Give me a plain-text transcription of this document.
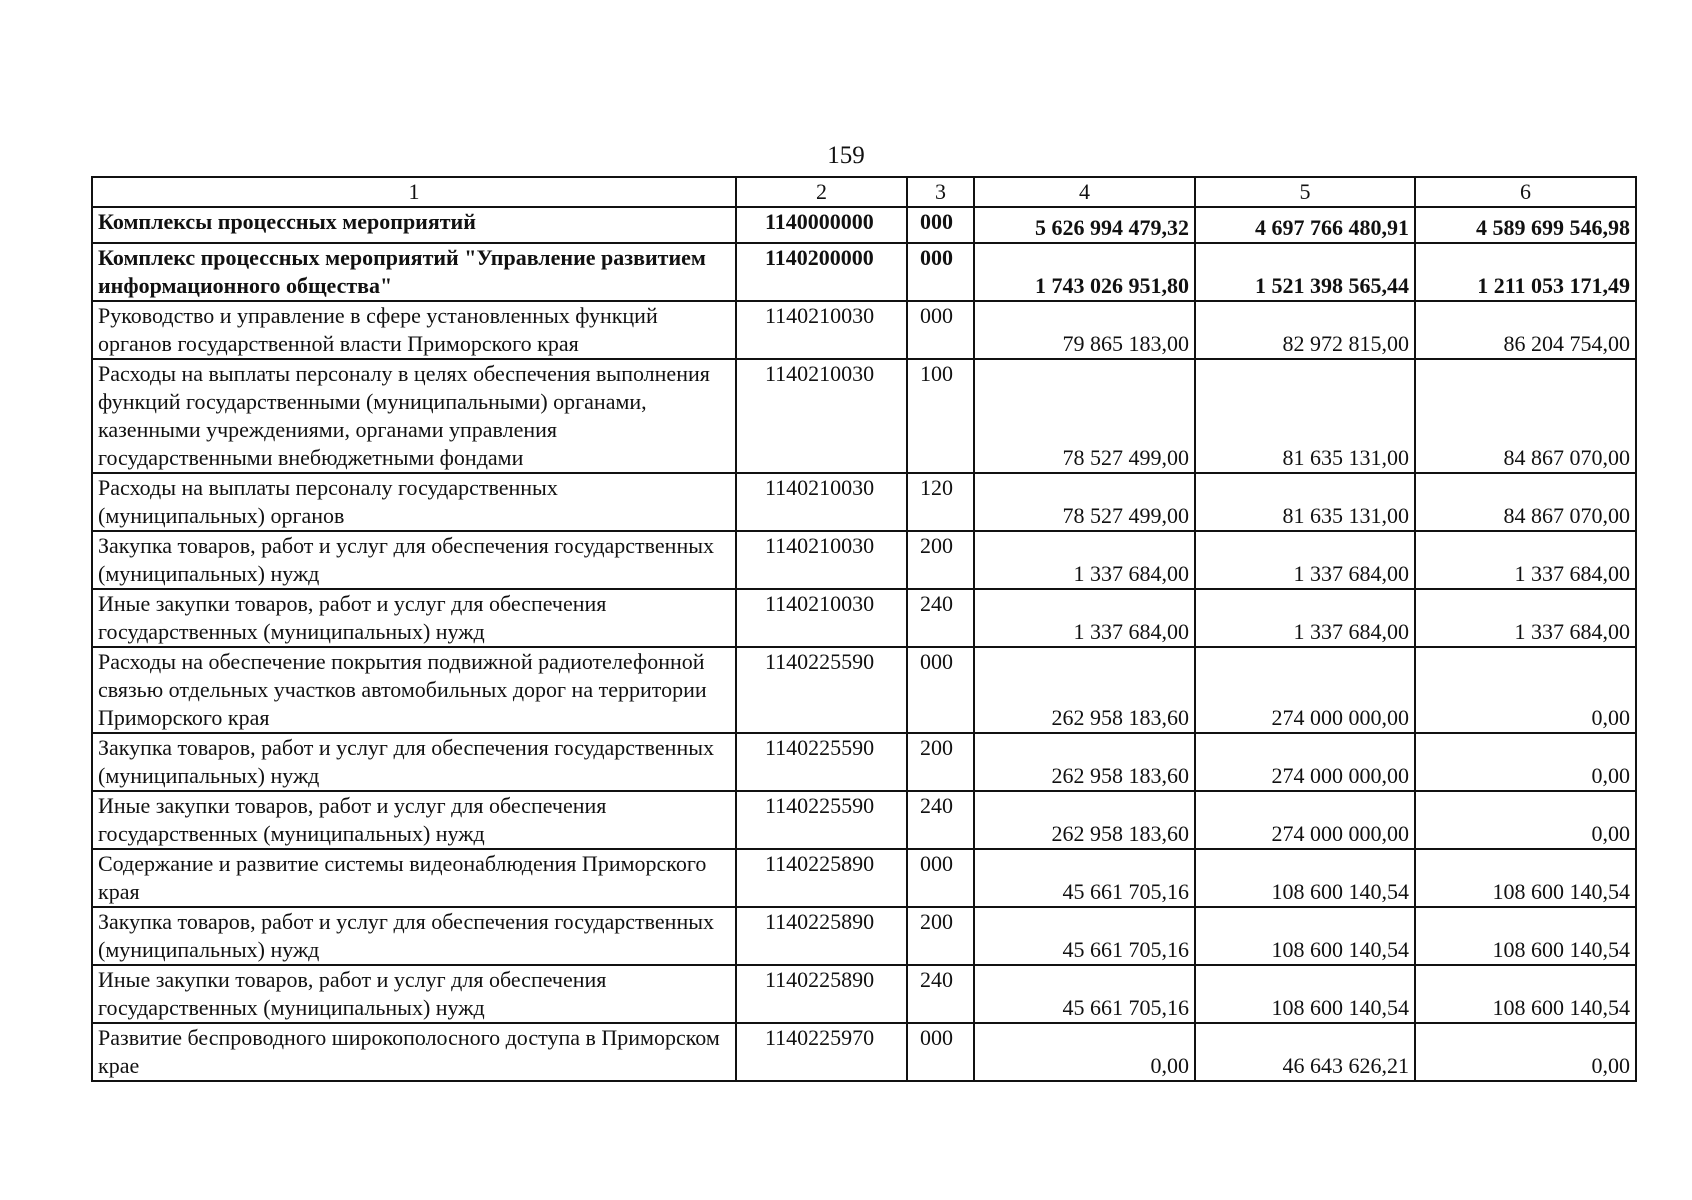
159
1	2	3	4	5	6
Комплексы процессных мероприятий	1140000000	000	5 626 994 479,32	4 697 766 480,91	4 589 699 546,98
Комплекс процессных мероприятий "Управление развитием информационного общества"	1140200000	000	1 743 026 951,80	1 521 398 565,44	1 211 053 171,49
Руководство и управление в сфере установленных функций органов государственной власти Приморского края	1140210030	000	79 865 183,00	82 972 815,00	86 204 754,00
Расходы на выплаты персоналу в целях обеспечения выполнения функций государственными (муниципальными) органами, казенными учреждениями, органами управления государственными внебюджетными фондами	1140210030	100	78 527 499,00	81 635 131,00	84 867 070,00
Расходы на выплаты персоналу государственных (муниципальных) органов	1140210030	120	78 527 499,00	81 635 131,00	84 867 070,00
Закупка товаров, работ и услуг для обеспечения государственных (муниципальных) нужд	1140210030	200	1 337 684,00	1 337 684,00	1 337 684,00
Иные закупки товаров, работ и услуг для обеспечения государственных (муниципальных) нужд	1140210030	240	1 337 684,00	1 337 684,00	1 337 684,00
Расходы на обеспечение покрытия подвижной радиотелефонной связью отдельных участков автомобильных дорог на территории Приморского края	1140225590	000	262 958 183,60	274 000 000,00	0,00
Закупка товаров, работ и услуг для обеспечения государственных (муниципальных) нужд	1140225590	200	262 958 183,60	274 000 000,00	0,00
Иные закупки товаров, работ и услуг для обеспечения государственных (муниципальных) нужд	1140225590	240	262 958 183,60	274 000 000,00	0,00
Содержание и развитие системы видеонаблюдения Приморского края	1140225890	000	45 661 705,16	108 600 140,54	108 600 140,54
Закупка товаров, работ и услуг для обеспечения государственных (муниципальных) нужд	1140225890	200	45 661 705,16	108 600 140,54	108 600 140,54
Иные закупки товаров, работ и услуг для обеспечения государственных (муниципальных) нужд	1140225890	240	45 661 705,16	108 600 140,54	108 600 140,54
Развитие беспроводного широкополосного доступа в Приморском крае	1140225970	000	0,00	46 643 626,21	0,00
